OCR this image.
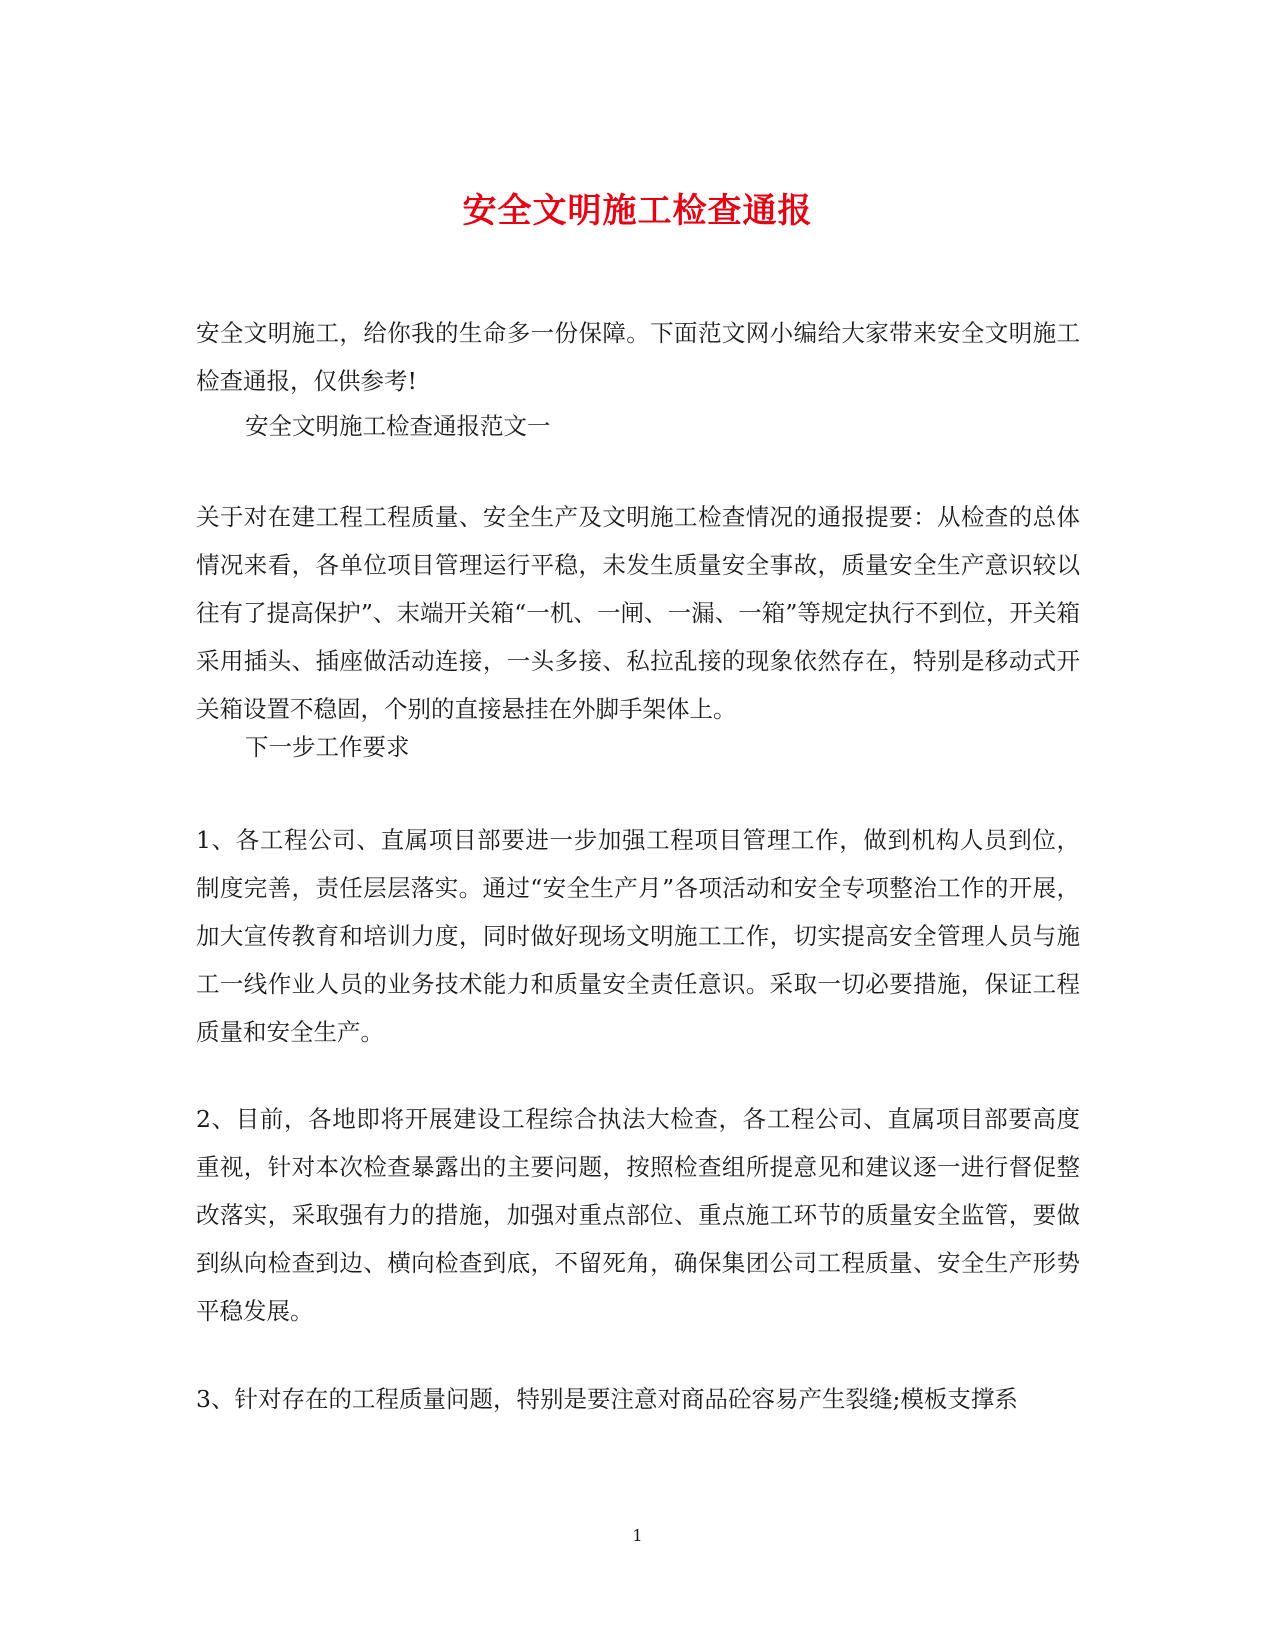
安全文明施工检查通报

安全文明施工，给你我的生命多一份保障。下面范文网小编给大家带来安全文明施工检查通报，仅供参考!

安全文明施工检查通报范文一

关于对在建工程工程质量、安全生产及文明施工检查情况的通报提要：从检查的总体情况来看，各单位项目管理运行平稳，未发生质量安全事故，质量安全生产意识较以往有了提高保护”、末端开关箱“一机、一闸、一漏、一箱”等规定执行不到位，开关箱采用插头、插座做活动连接，一头多接、私拉乱接的现象依然存在，特别是移动式开关箱设置不稳固，个别的直接悬挂在外脚手架体上。

下一步工作要求

1、各工程公司、直属项目部要进一步加强工程项目管理工作，做到机构人员到位，制度完善，责任层层落实。通过“安全生产月”各项活动和安全专项整治工作的开展，加大宣传教育和培训力度，同时做好现场文明施工工作，切实提高安全管理人员与施工一线作业人员的业务技术能力和质量安全责任意识。采取一切必要措施，保证工程质量和安全生产。

2、目前，各地即将开展建设工程综合执法大检查，各工程公司、直属项目部要高度重视，针对本次检查暴露出的主要问题，按照检查组所提意见和建议逐一进行督促整改落实，采取强有力的措施，加强对重点部位、重点施工环节的质量安全监管，要做到纵向检查到边、横向检查到底，不留死角，确保集团公司工程质量、安全生产形势平稳发展。

3、针对存在的工程质量问题，特别是要注意对商品砼容易产生裂缝;模板支撑系

1
